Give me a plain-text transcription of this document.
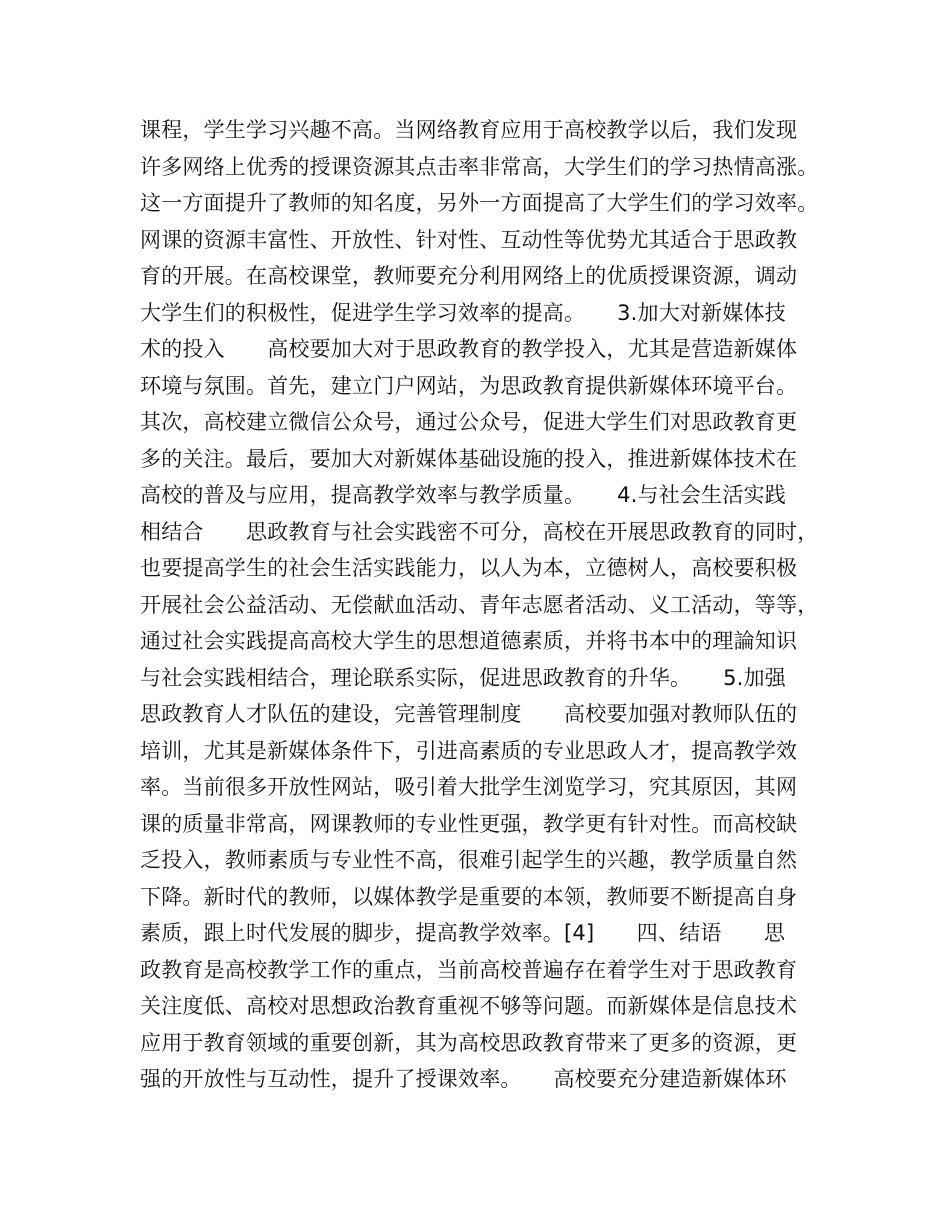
课程，学生学习兴趣不高。当网络教育应用于高校教学以后，我们发现
许多网络上优秀的授课资源其点击率非常高，大学生们的学习热情高涨。
这一方面提升了教师的知名度，另外一方面提高了大学生们的学习效率。
网课的资源丰富性、开放性、针对性、互动性等优势尤其适合于思政教
育的开展。在高校课堂，教师要充分利用网络上的优质授课资源，调动
大学生们的积极性，促进学生学习效率的提高。　　3.加大对新媒体技
术的投入　　高校要加大对于思政教育的教学投入，尤其是营造新媒体
环境与氛围。首先，建立门户网站，为思政教育提供新媒体环境平台。
其次，高校建立微信公众号，通过公众号，促进大学生们对思政教育更
多的关注。最后，要加大对新媒体基础设施的投入，推进新媒体技术在
高校的普及与应用，提高教学效率与教学质量。　　4.与社会生活实践
相结合　　思政教育与社会实践密不可分，高校在开展思政教育的同时，
也要提高学生的社会生活实践能力，以人为本，立德树人，高校要积极
开展社会公益活动、无偿献血活动、青年志愿者活动、义工活动，等等，
通过社会实践提高高校大学生的思想道德素质，并将书本中的理論知识
与社会实践相结合，理论联系实际，促进思政教育的升华。　　5.加强
思政教育人才队伍的建设，完善管理制度　　高校要加强对教师队伍的
培训，尤其是新媒体条件下，引进高素质的专业思政人才，提高教学效
率。当前很多开放性网站，吸引着大批学生浏览学习，究其原因，其网
课的质量非常高，网课教师的专业性更强，教学更有针对性。而高校缺
乏投入，教师素质与专业性不高，很难引起学生的兴趣，教学质量自然
下降。新时代的教师，以媒体教学是重要的本领，教师要不断提高自身
素质，跟上时代发展的脚步，提高教学效率。[4]　　四、结语　　思
政教育是高校教学工作的重点，当前高校普遍存在着学生对于思政教育
关注度低、高校对思想政治教育重视不够等问题。而新媒体是信息技术
应用于教育领域的重要创新，其为高校思政教育带来了更多的资源，更
强的开放性与互动性，提升了授课效率。　　高校要充分建造新媒体环
